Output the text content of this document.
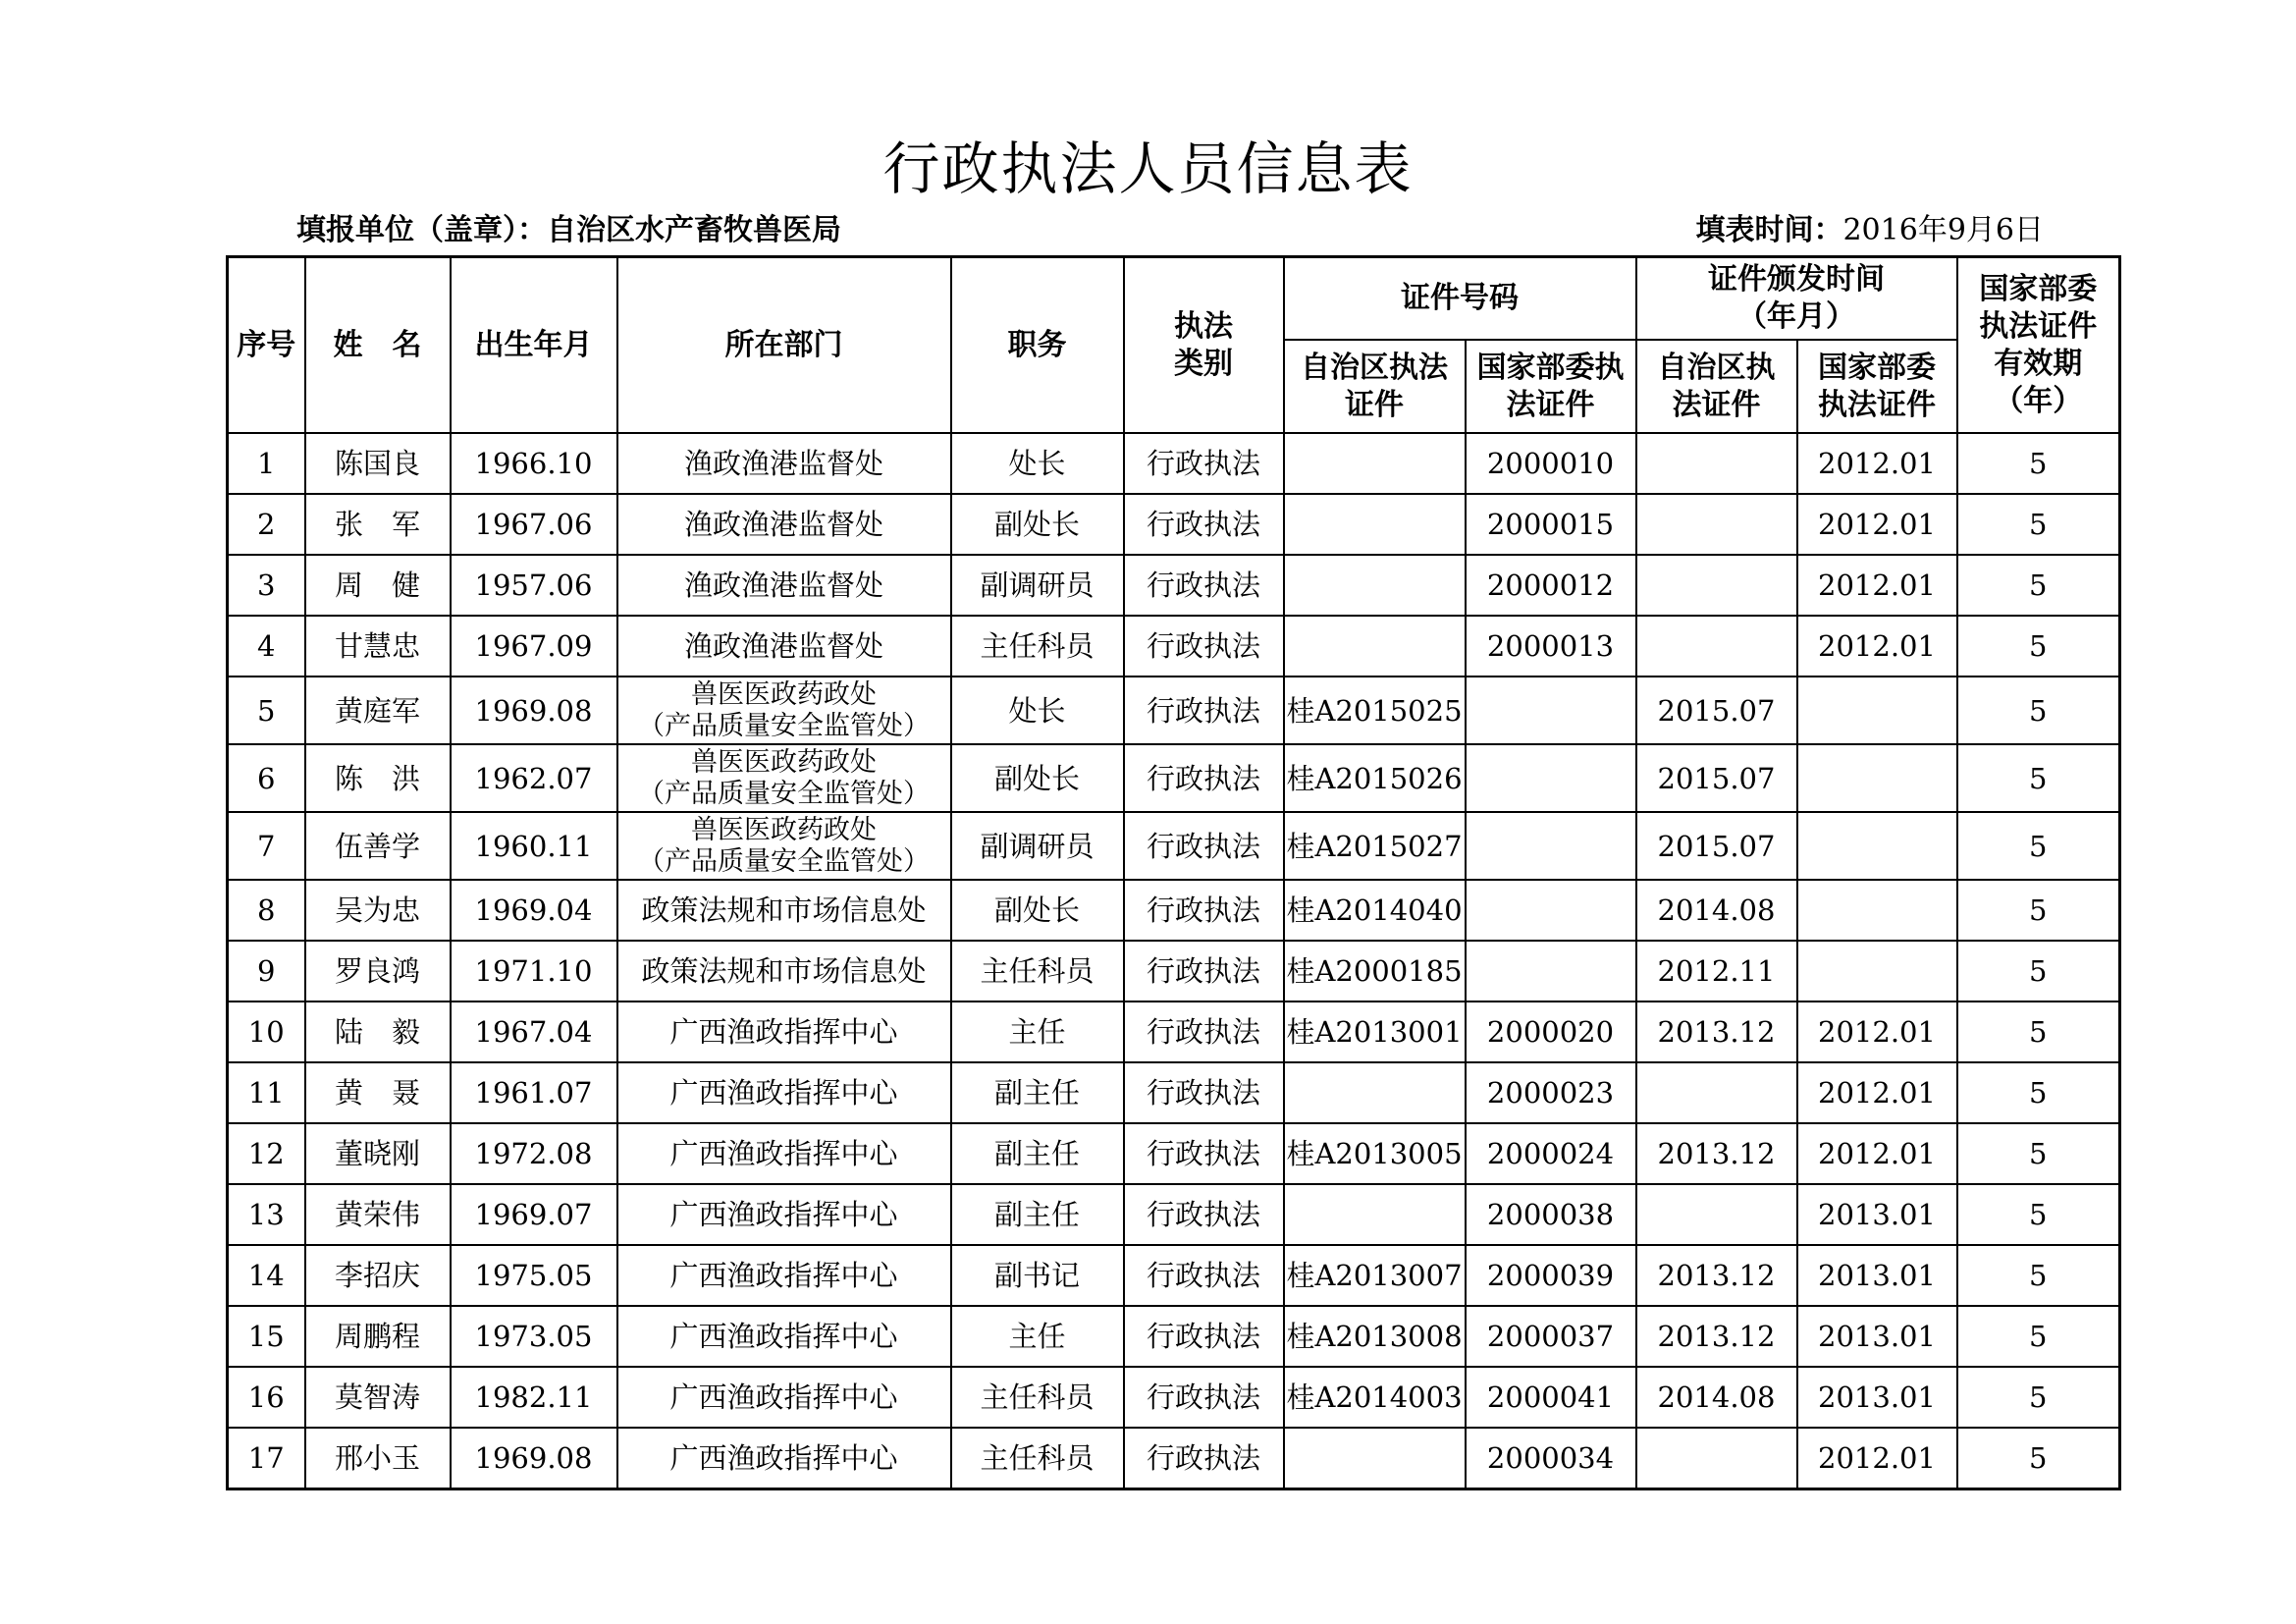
行政执法人员信息表
填报单位（盖章）：自治区水产畜牧兽医局	填表时间：2016年9月6日
序号	姓　名	出生年月	所在部门	职务	执法类别	证件号码		证件颁发时间（年月）		国家部委执法证件有效期（年）
						自治区执法证件	国家部委执法证件	自治区执法证件	国家部委执法证件	
1	陈国良	1966.10	渔政渔港监督处	处长	行政执法		2000010		2012.01	5
2	张　军	1967.06	渔政渔港监督处	副处长	行政执法		2000015		2012.01	5
3	周　健	1957.06	渔政渔港监督处	副调研员	行政执法		2000012		2012.01	5
4	甘慧忠	1967.09	渔政渔港监督处	主任科员	行政执法		2000013		2012.01	5
5	黄庭军	1969.08	兽医医政药政处
（产品质量安全监管处）	处长	行政执法	桂A2015025		2015.07		5
6	陈　洪	1962.07	兽医医政药政处
（产品质量安全监管处）	副处长	行政执法	桂A2015026		2015.07		5
7	伍善学	1960.11	兽医医政药政处
（产品质量安全监管处）	副调研员	行政执法	桂A2015027		2015.07		5
8	吴为忠	1969.04	政策法规和市场信息处	副处长	行政执法	桂A2014040		2014.08		5
9	罗良鸿	1971.10	政策法规和市场信息处	主任科员	行政执法	桂A2000185		2012.11		5
10	陆　毅	1967.04	广西渔政指挥中心	主任	行政执法	桂A2013001	2000020	2013.12	2012.01	5
11	黄　聂	1961.07	广西渔政指挥中心	副主任	行政执法		2000023		2012.01	5
12	董晓刚	1972.08	广西渔政指挥中心	副主任	行政执法	桂A2013005	2000024	2013.12	2012.01	5
13	黄荣伟	1969.07	广西渔政指挥中心	副主任	行政执法		2000038		2013.01	5
14	李招庆	1975.05	广西渔政指挥中心	副书记	行政执法	桂A2013007	2000039	2013.12	2013.01	5
15	周鹏程	1973.05	广西渔政指挥中心	主任	行政执法	桂A2013008	2000037	2013.12	2013.01	5
16	莫智涛	1982.11	广西渔政指挥中心	主任科员	行政执法	桂A2014003	2000041	2014.08	2013.01	5
17	邢小玉	1969.08	广西渔政指挥中心	主任科员	行政执法		2000034		2012.01	5
